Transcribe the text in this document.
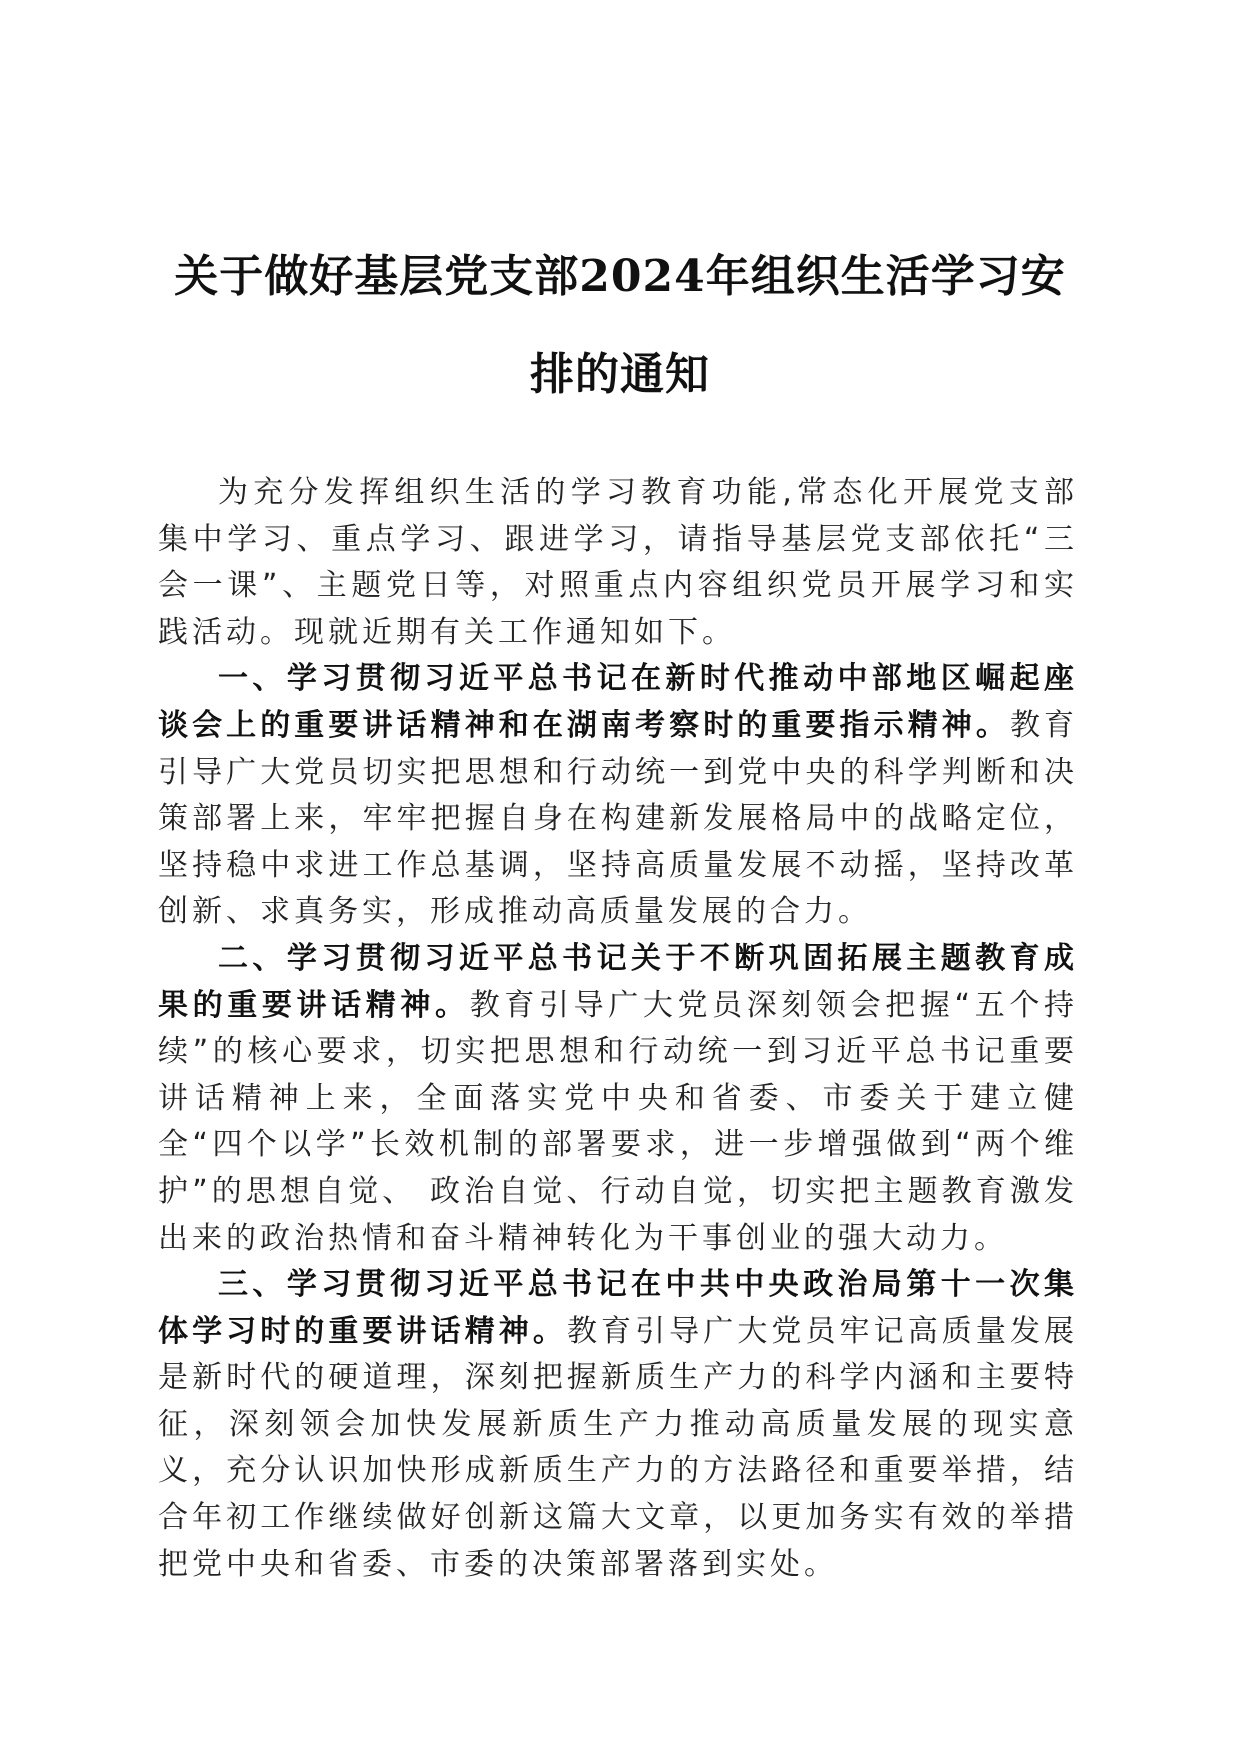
关于做好基层党支部2024年组织生活学习安
排的通知

为充分发挥组织生活的学习教育功能,常态化开展党支部集中学习、重点学习、跟进学习，请指导基层党支部依托“三会一课”、主题党日等，对照重点内容组织党员开展学习和实践活动。现就近期有关工作通知如下。

一、学习贯彻习近平总书记在新时代推动中部地区崛起座谈会上的重要讲话精神和在湖南考察时的重要指示精神。教育引导广大党员切实把思想和行动统一到党中央的科学判断和决策部署上来，牢牢把握自身在构建新发展格局中的战略定位，坚持稳中求进工作总基调，坚持高质量发展不动摇，坚持改革创新、求真务实，形成推动高质量发展的合力。

二、学习贯彻习近平总书记关于不断巩固拓展主题教育成果的重要讲话精神。教育引导广大党员深刻领会把握“五个持续”的核心要求，切实把思想和行动统一到习近平总书记重要讲话精神上来，全面落实党中央和省委、市委关于建立健全“四个以学”长效机制的部署要求，进一步增强做到“两个维护”的思想自觉、 政治自觉、行动自觉，切实把主题教育激发出来的政治热情和奋斗精神转化为干事创业的强大动力。

三、学习贯彻习近平总书记在中共中央政治局第十一次集体学习时的重要讲话精神。教育引导广大党员牢记高质量发展是新时代的硬道理，深刻把握新质生产力的科学内涵和主要特征，深刻领会加快发展新质生产力推动高质量发展的现实意义，充分认识加快形成新质生产力的方法路径和重要举措，结合年初工作继续做好创新这篇大文章，以更加务实有效的举措把党中央和省委、市委的决策部署落到实处。
